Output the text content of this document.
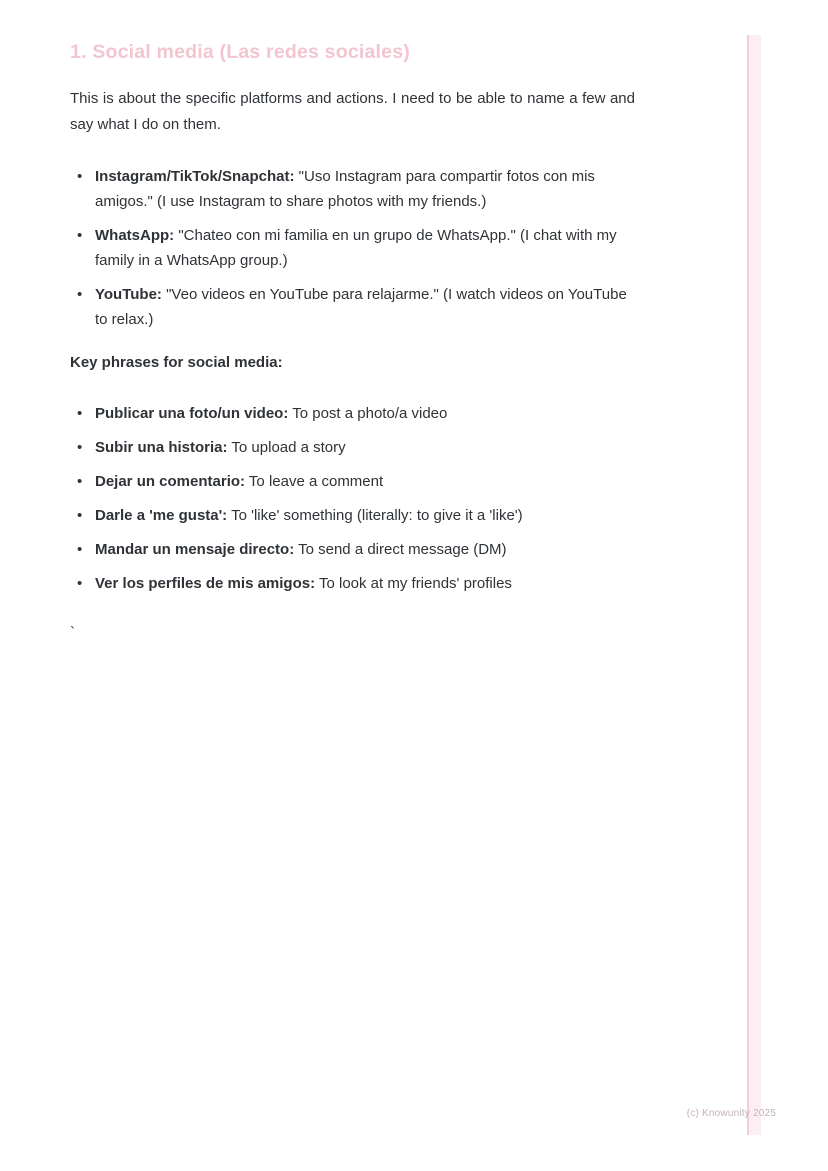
1. Social media (Las redes sociales)

This is about the specific platforms and actions. I need to be able to name a few and say what I do on them.

• Instagram/TikTok/Snapchat: "Uso Instagram para compartir fotos con mis amigos." (I use Instagram to share photos with my friends.)
• WhatsApp: "Chateo con mi familia en un grupo de WhatsApp." (I chat with my family in a WhatsApp group.)
• YouTube: "Veo videos en YouTube para relajarme." (I watch videos on YouTube to relax.)

Key phrases for social media:

• Publicar una foto/un video: To post a photo/a video
• Subir una historia: To upload a story
• Dejar un comentario: To leave a comment
• Darle a 'me gusta': To 'like' something (literally: to give it a 'like')
• Mandar un mensaje directo: To send a direct message (DM)
• Ver los perfiles de mis amigos: To look at my friends' profiles
`
(c) Knowunity 2025
